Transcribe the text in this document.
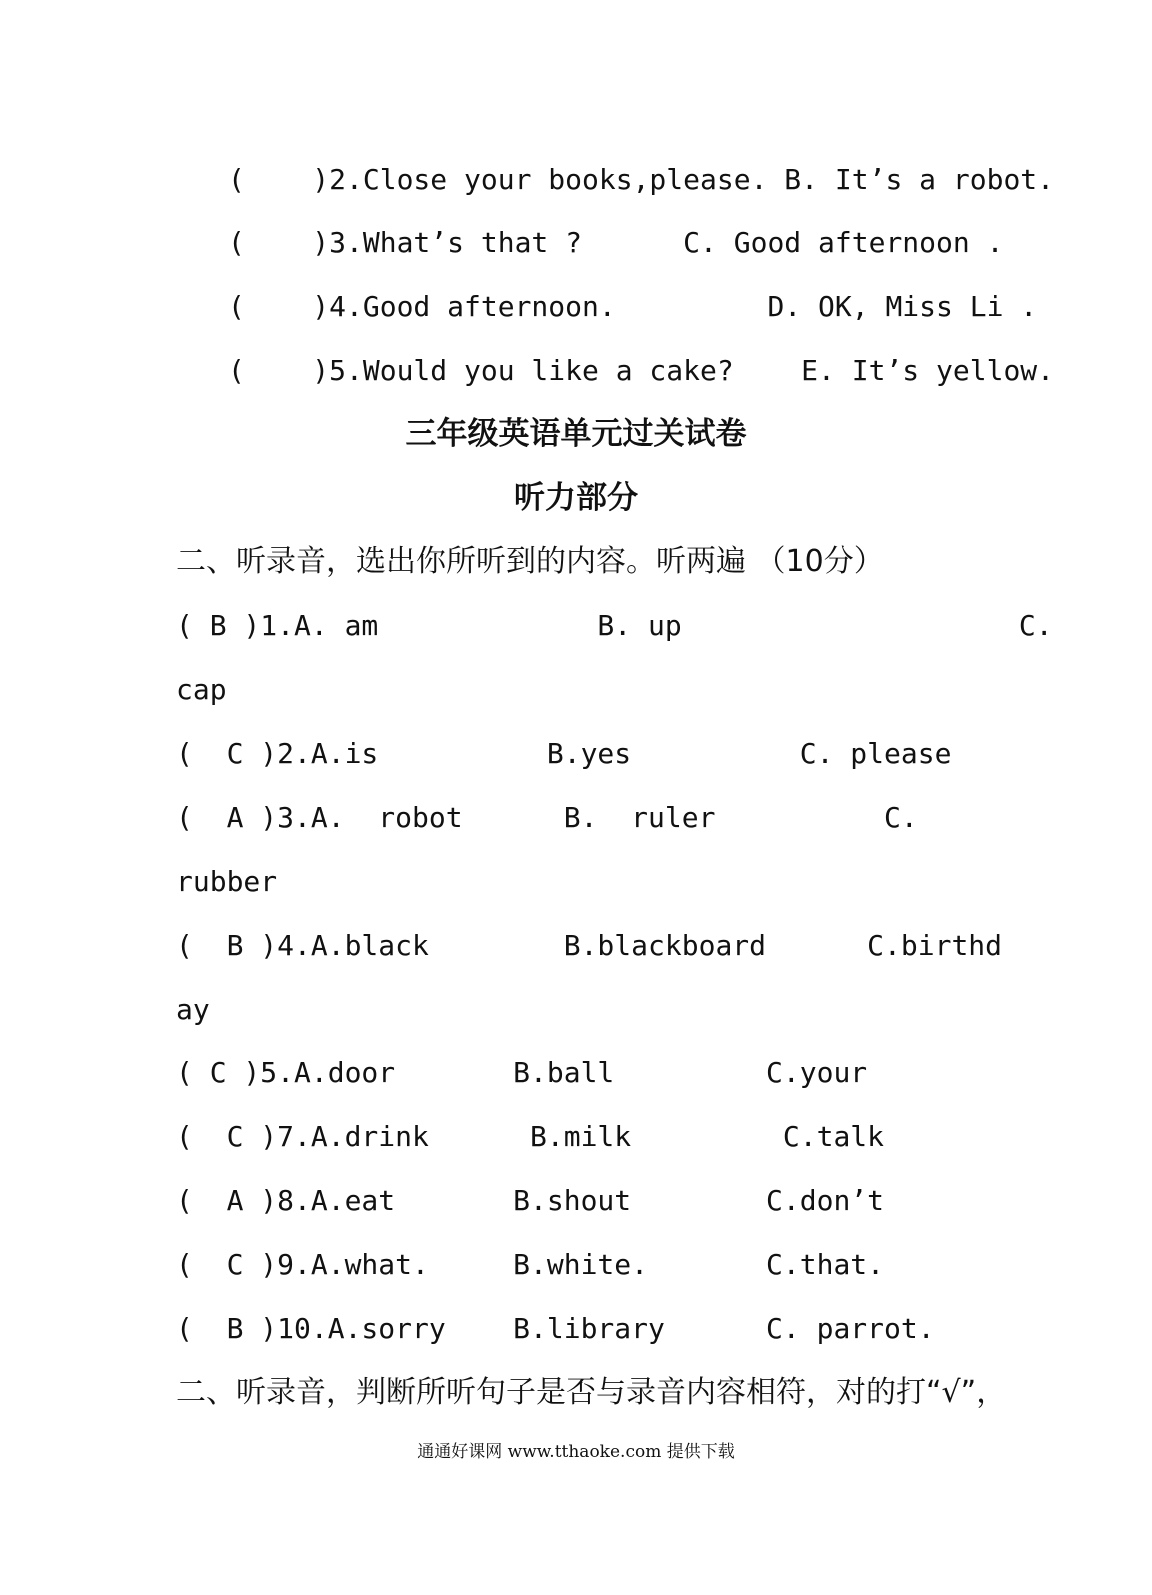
(    )2.Close your books,please. B. It’s a robot.
(    )3.What’s that ?      C. Good afternoon .
(    )4.Good afternoon.         D. OK, Miss Li .
(    )5.Would you like a cake?    E. It’s yellow.
三年级英语单元过关试卷
听力部分
二、听录音，选出你所听到的内容。听两遍 （10分）
( B )1.A. am             B. up                    C.
cap
(  C )2.A.is          B.yes          C. please
(  A )3.A.  robot      B.  ruler          C.
rubber
(  B )4.A.black        B.blackboard      C.birthd
ay
( C )5.A.door       B.ball         C.your
(  C )7.A.drink      B.milk         C.talk
(  A )8.A.eat       B.shout        C.don’t
(  C )9.A.what.     B.white.       C.that.
(  B )10.A.sorry    B.library      C. parrot.
二、听录音，判断所听句子是否与录音内容相符，对的打“√”，
通通好课网 www.tthaoke.com 提供下载
